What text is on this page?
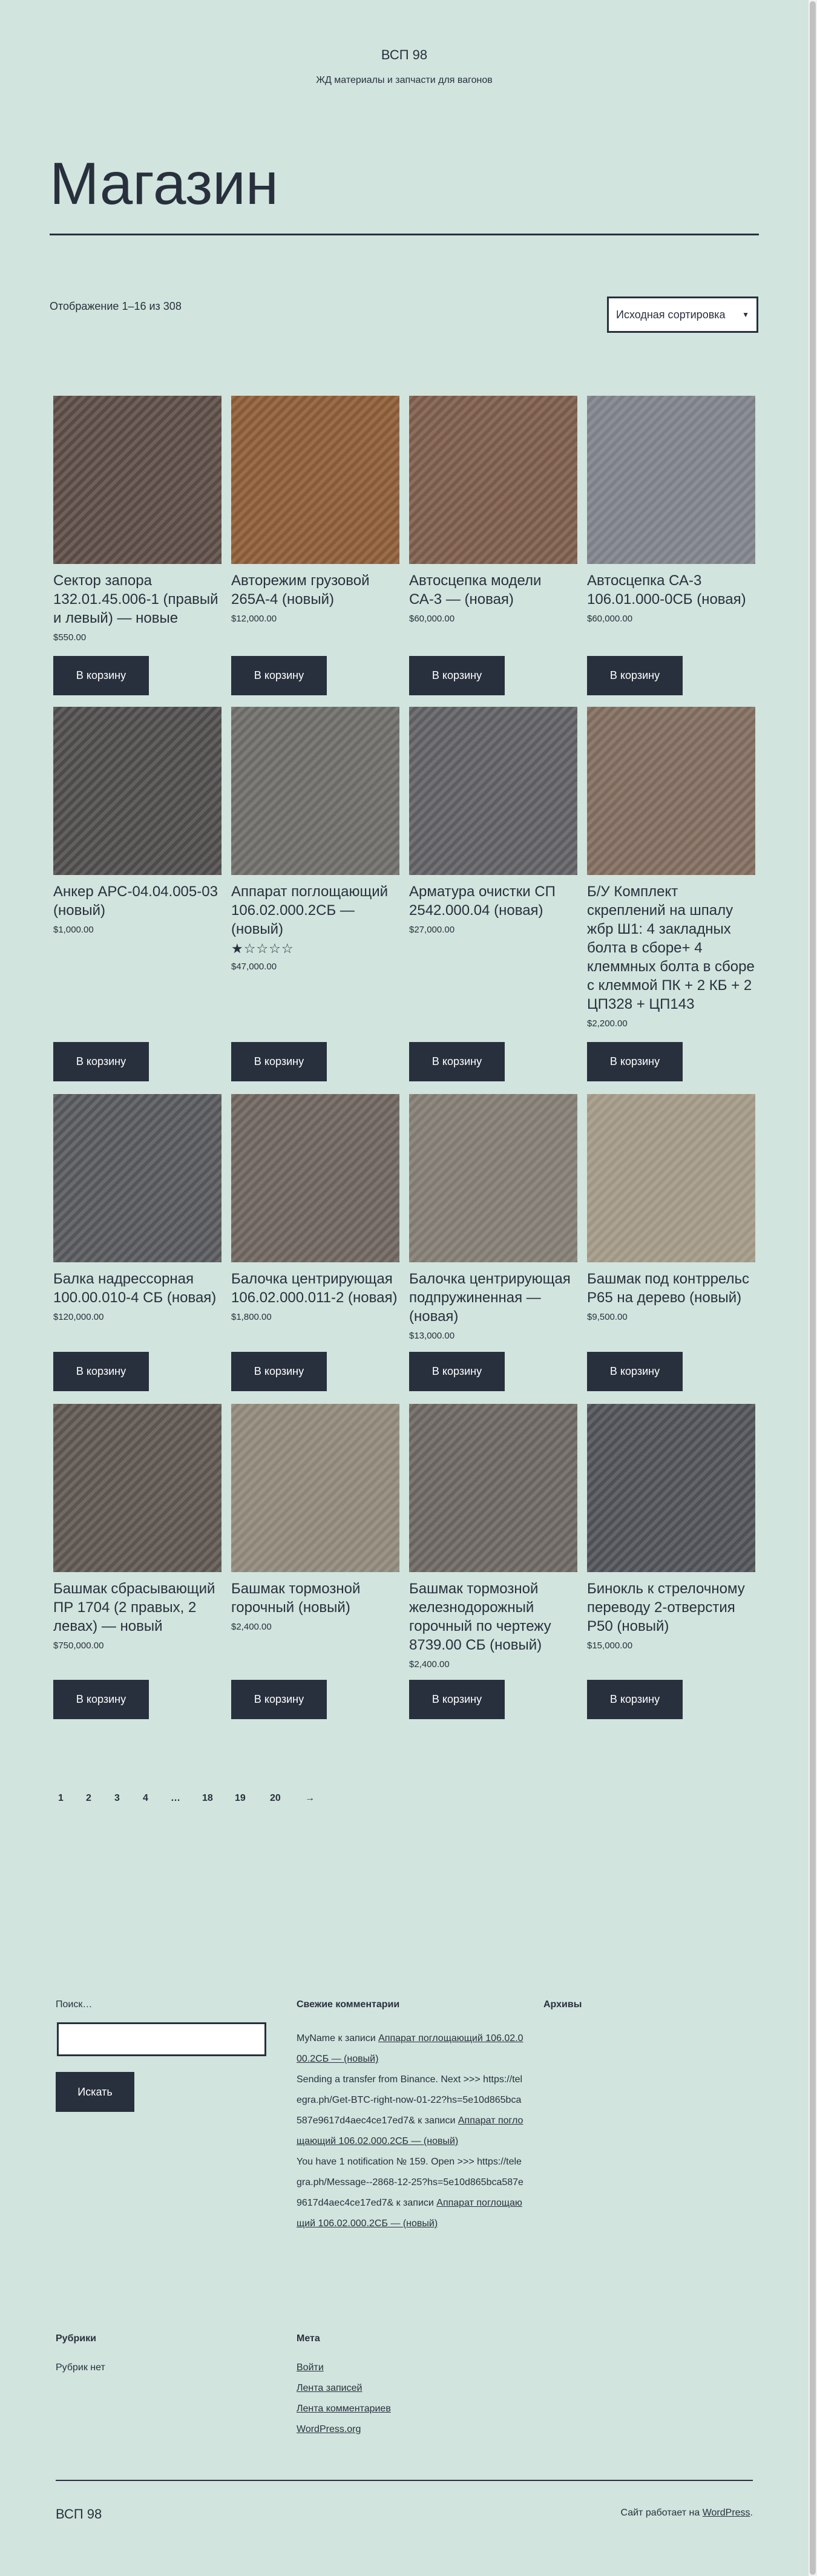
ВСП 98

ЖД материалы и запчасти для вагонов
Магазин
Отображение 1–16 из 308
Исходная сортировка ▼
Сектор запора 132.01.45.006-1 (правый и левый) — новые
$550.00
В корзину
Авторежим грузовой 265А-4 (новый)
$12,000.00
В корзину
Автосцепка модели СА-3 — (новая)
$60,000.00
В корзину
Автосцепка СА-3 106.01.000-0СБ (новая)
$60,000.00
В корзину
Анкер АРС-04.04.005-03 (новый)
$1,000.00
В корзину
Аппарат поглощающий 106.02.000.2СБ — (новый)
★☆☆☆☆
$47,000.00
В корзину
Арматура очистки СП 2542.000.04 (новая)
$27,000.00
В корзину
Б/У Комплект скреплений на шпалу жбр Ш1: 4 закладных болта в сборе+ 4 клеммных болта в сборе с клеммой ПК + 2 КБ + 2 ЦП328 + ЦП143
$2,200.00
В корзину
Балка надрессорная 100.00.010-4 СБ (новая)
$120,000.00
В корзину
Балочка центрирующая 106.02.000.011-2 (новая)
$1,800.00
В корзину
Балочка центрирующая подпружиненная — (новая)
$13,000.00
В корзину
Башмак под контррельс Р65 на дерево (новый)
$9,500.00
В корзину
Башмак сбрасывающий ПР 1704 (2 правых, 2 левах) — новый
$750,000.00
В корзину
Башмак тормозной горочный (новый)
$2,400.00
В корзину
Башмак тормозной железнодорожный горочный по чертежу 8739.00 СБ (новый)
$2,400.00
В корзину
Бинокль к стрелочному переводу 2-отверстия Р50 (новый)
$15,000.00
В корзину
1 2 3 4 … 18 19	20	→
Поиск…
Искать
Свежие комментарии	Архивы
MyName к записи Аппарат поглощающий 106.02.000.2СБ — (новый)
Sending a transfer from Binance. Next >>> https://telegra.ph/Get-BTC-right-now-01-22?hs=5e10d865bca587e9617d4aec4ce17ed7& к записи Аппарат поглощающий 106.02.000.2СБ — (новый)
You have 1 notification № 159. Open >>> https://telegra.ph/Message--2868-12-25?hs=5e10d865bca587e9617d4aec4ce17ed7& к записи Аппарат поглощающий 106.02.000.2СБ — (новый)
Рубрики
Рубрик нет
Мета
Войти
Лента записей
Лента комментариев
WordPress.org
ВСП 98	Сайт работает на WordPress.
